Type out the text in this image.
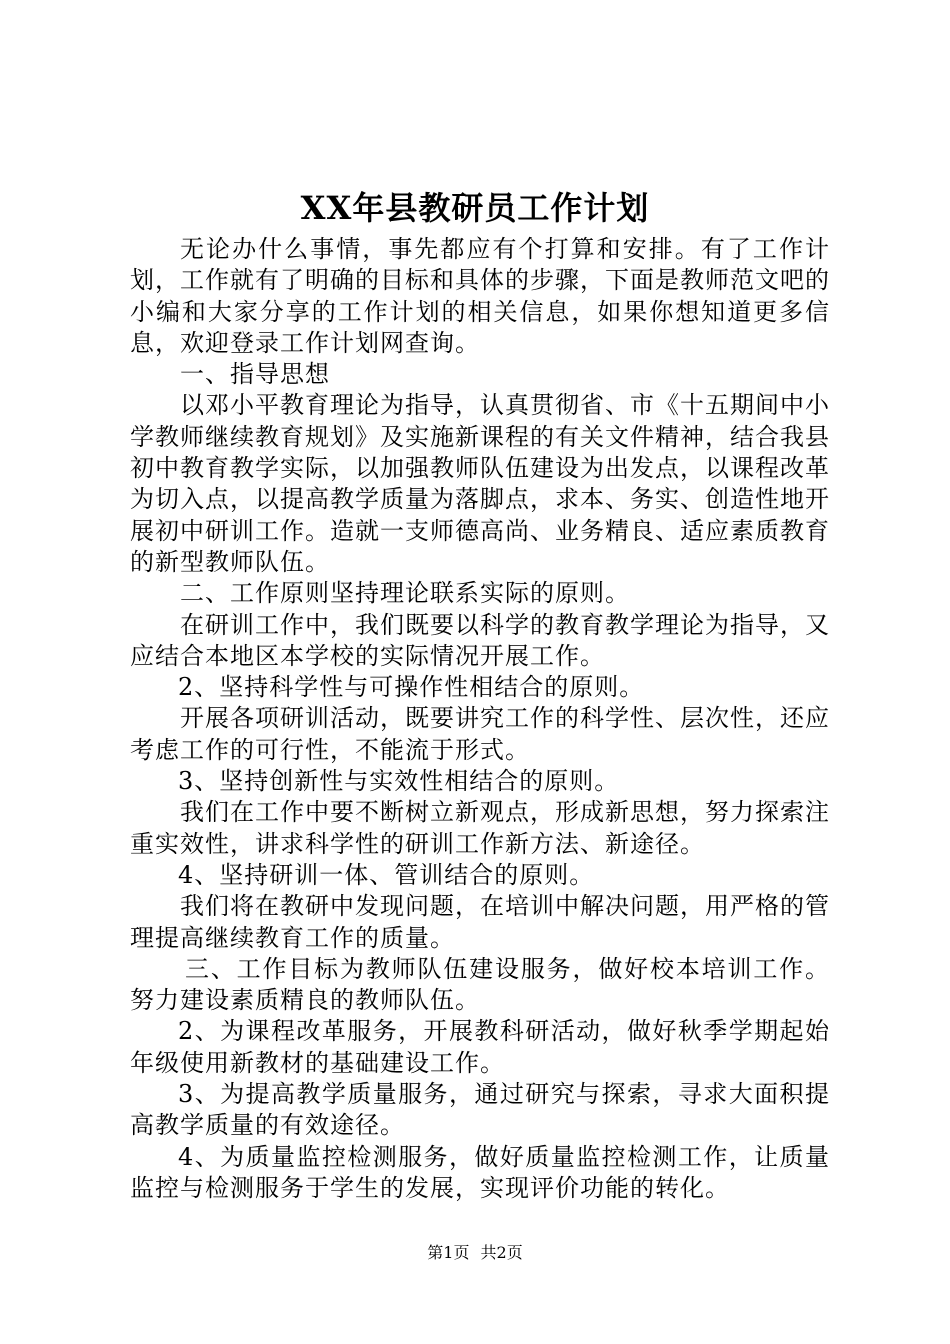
XX年县教研员工作计划

无论办什么事情，事先都应有个打算和安排。有了工作计划，工作就有了明确的目标和具体的步骤，下面是教师范文吧的小编和大家分享的工作计划的相关信息，如果你想知道更多信息，欢迎登录工作计划网查询。

一、指导思想

以邓小平教育理论为指导，认真贯彻省、市《十五期间中小学教师继续教育规划》及实施新课程的有关文件精神，结合我县初中教育教学实际，以加强教师队伍建设为出发点，以课程改革为切入点，以提高教学质量为落脚点，求本、务实、创造性地开展初中研训工作。造就一支师德高尚、业务精良、适应素质教育的新型教师队伍。

二、工作原则坚持理论联系实际的原则。

在研训工作中，我们既要以科学的教育教学理论为指导，又应结合本地区本学校的实际情况开展工作。

2、坚持科学性与可操作性相结合的原则。

开展各项研训活动，既要讲究工作的科学性、层次性，还应考虑工作的可行性，不能流于形式。

3、坚持创新性与实效性相结合的原则。

我们在工作中要不断树立新观点，形成新思想，努力探索注重实效性，讲求科学性的研训工作新方法、新途径。

4、坚持研训一体、管训结合的原则。

我们将在教研中发现问题，在培训中解决问题，用严格的管理提高继续教育工作的质量。

三、工作目标为教师队伍建设服务，做好校本培训工作。努力建设素质精良的教师队伍。

2、为课程改革服务，开展教科研活动，做好秋季学期起始年级使用新教材的基础建设工作。

3、为提高教学质量服务，通过研究与探索，寻求大面积提高教学质量的有效途径。

4、为质量监控检测服务，做好质量监控检测工作，让质量监控与检测服务于学生的发展，实现评价功能的转化。

第1页 共2页
